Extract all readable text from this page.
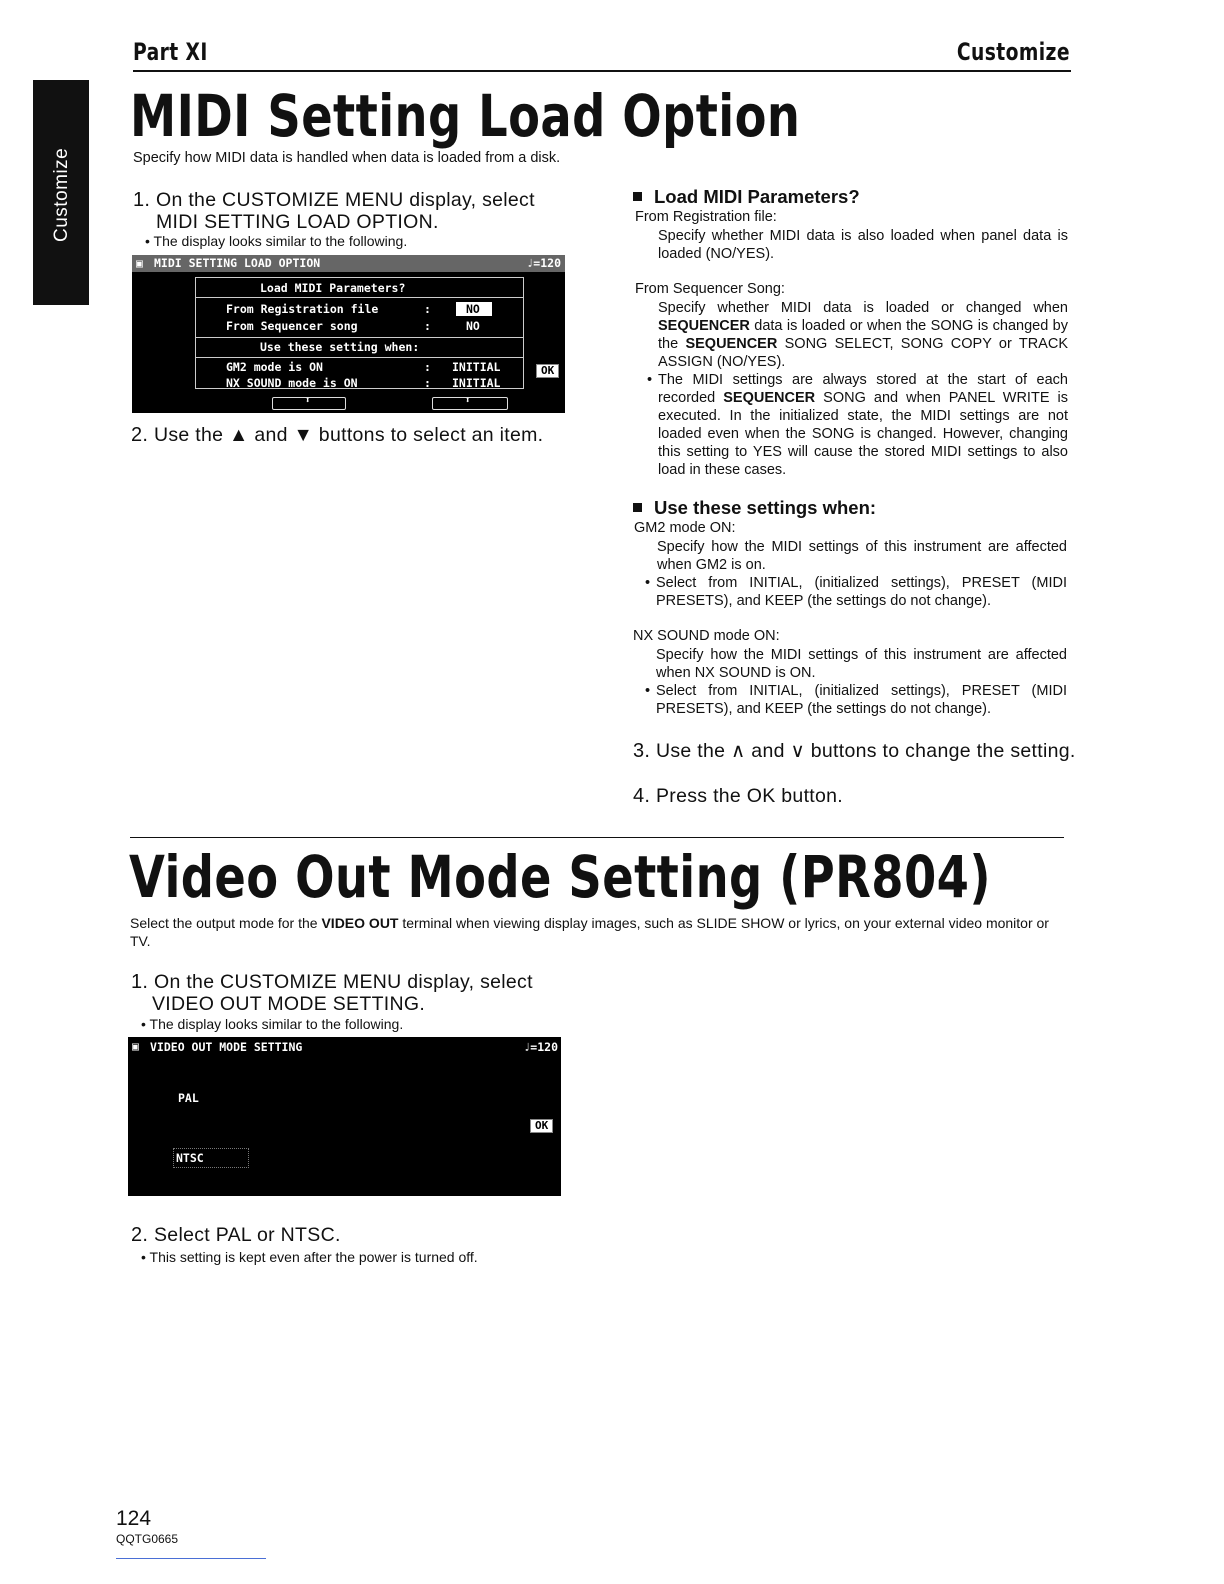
Part XI	Customize
Customize
MIDI Setting Load Option
Specify how MIDI data is handled when data is loaded from a disk.
1. On the CUSTOMIZE MENU display, select
MIDI SETTING LOAD OPTION.
• The display looks similar to the following.
▣ MIDI SETTING LOAD OPTION	♩=120
Load MIDI Parameters?
From Registration file	:	NO
From Sequencer song	:	NO
Use these setting when:
GM2 mode is ON	: INITIAL
NX SOUND mode is ON	: INITIAL
OK
⬍	⬍
2. Use the ▲ and ▼ buttons to select an item.
Load MIDI Parameters?
From Registration file:
Specify whether MIDI data is also loaded when panel data is loaded (NO/YES).
From Sequencer Song:
Specify whether MIDI data is loaded or changed when SEQUENCER data is loaded or when the SONG is changed by the SEQUENCER SONG SELECT, SONG COPY or TRACK ASSIGN (NO/YES).
• The MIDI settings are always stored at the start of each recorded SEQUENCER SONG and when PANEL WRITE is executed. In the initialized state, the MIDI settings are not loaded even when the SONG is changed. However, changing this setting to YES will cause the stored MIDI settings to also load in these cases.
Use these settings when:
GM2 mode ON:
Specify how the MIDI settings of this instrument are affected when GM2 is on.
• Select from INITIAL, (initialized settings), PRESET (MIDI PRESETS), and KEEP (the settings do not change).
NX SOUND mode ON:
Specify how the MIDI settings of this instrument are affected when NX SOUND is ON.
• Select from INITIAL, (initialized settings), PRESET (MIDI PRESETS), and KEEP (the settings do not change).
3. Use the ∧ and ∨ buttons to change the setting.
4. Press the OK button.
Video Out Mode Setting (PR804)
Select the output mode for the VIDEO OUT terminal when viewing display images, such as SLIDE SHOW or lyrics, on your external video monitor or TV.
1. On the CUSTOMIZE MENU display, select
VIDEO OUT MODE SETTING.
• The display looks similar to the following.
▣ VIDEO OUT MODE SETTING	♩=120
PAL
NTSC
OK
2. Select PAL or NTSC.
• This setting is kept even after the power is turned off.
124
QQTG0665
